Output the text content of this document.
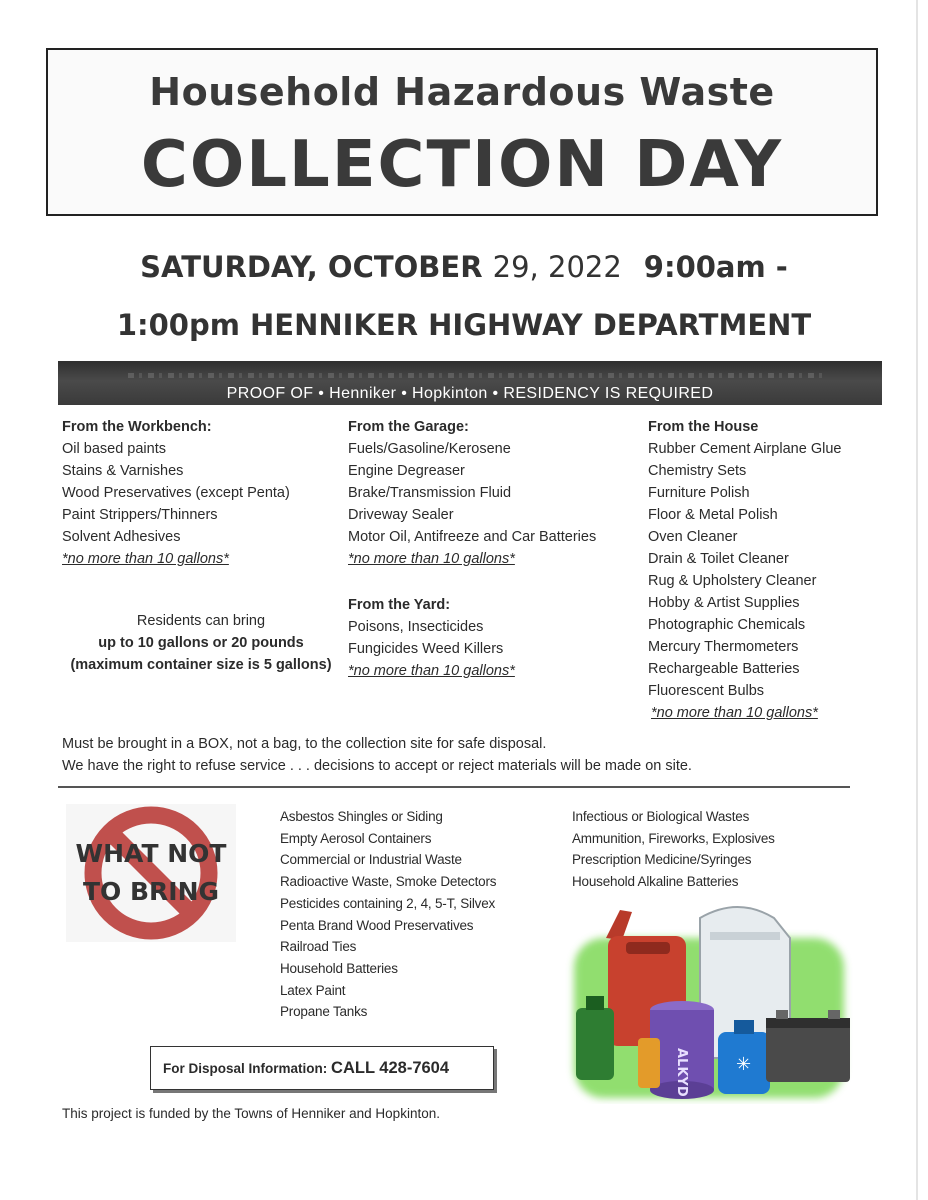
Household Hazardous Waste
COLLECTION DAY
SATURDAY, OCTOBER 29, 2022 9:00am -
1:00pm HENNIKER HIGHWAY DEPARTMENT
PROOF OF • Henniker • Hopkinton • RESIDENCY IS REQUIRED
From the Workbench:
Oil based paints
Stains & Varnishes
Wood Preservatives (except Penta)
Paint Strippers/Thinners
Solvent Adhesives
*no more than 10 gallons*
From the Garage:
Fuels/Gasoline/Kerosene
Engine Degreaser
Brake/Transmission Fluid
Driveway Sealer
Motor Oil, Antifreeze and Car Batteries
*no more than 10 gallons*
From the Yard:
Poisons, Insecticides
Fungicides Weed Killers
*no more than 10 gallons*
From the House
Rubber Cement Airplane Glue
Chemistry Sets
Furniture Polish
Floor & Metal Polish
Oven Cleaner
Drain & Toilet Cleaner
Rug & Upholstery Cleaner
Hobby & Artist Supplies
Photographic Chemicals
Mercury Thermometers
Rechargeable Batteries
Fluorescent Bulbs
*no more than 10 gallons*
Residents can bring
up to 10 gallons or 20 pounds
(maximum container size is 5 gallons)
Must be brought in a BOX, not a bag, to the collection site for safe disposal.
We have the right to refuse service . . . decisions to accept or reject materials will be made on site.
WHAT NOT
TO BRING
Asbestos Shingles or Siding
Empty Aerosol Containers
Commercial or Industrial Waste
Radioactive Waste, Smoke Detectors
Pesticides containing 2, 4, 5-T, Silvex
Penta Brand Wood Preservatives
Railroad Ties
Household Batteries
Latex Paint
Propane Tanks
Infectious or Biological Wastes
Ammunition, Fireworks, Explosives
Prescription Medicine/Syringes
Household Alkaline Batteries
For Disposal Information: CALL 428-7604
This project is funded by the Towns of Henniker and Hopkinton.
ALKYD	✳
